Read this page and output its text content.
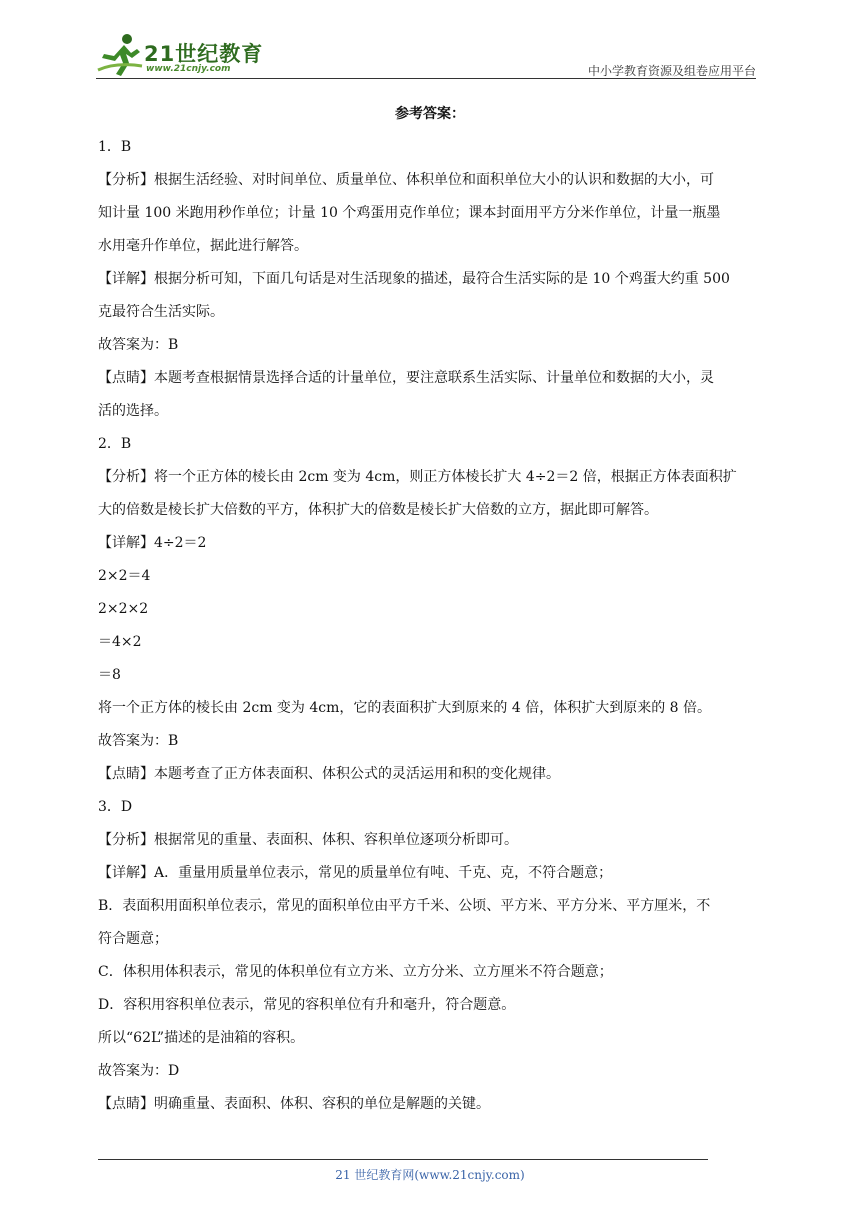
21世纪教育
www.21cnjy.com	中小学教育资源及组卷应用平台
参考答案：

1．B

【分析】根据生活经验、对时间单位、质量单位、体积单位和面积单位大小的认识和数据的大小，可

知计量 100 米跑用秒作单位；计量 10 个鸡蛋用克作单位；课本封面用平方分米作单位，计量一瓶墨

水用毫升作单位，据此进行解答。

【详解】根据分析可知，下面几句话是对生活现象的描述，最符合生活实际的是 10 个鸡蛋大约重 500

克最符合生活实际。

故答案为：B

【点睛】本题考查根据情景选择合适的计量单位，要注意联系生活实际、计量单位和数据的大小，灵

活的选择。

2．B

【分析】将一个正方体的棱长由 2cm 变为 4cm，则正方体棱长扩大 4÷2＝2 倍，根据正方体表面积扩

大的倍数是棱长扩大倍数的平方，体积扩大的倍数是棱长扩大倍数的立方，据此即可解答。

【详解】4÷2＝2

2×2＝4

2×2×2

＝4×2

＝8

将一个正方体的棱长由 2cm 变为 4cm，它的表面积扩大到原来的 4 倍，体积扩大到原来的 8 倍。

故答案为：B

【点睛】本题考查了正方体表面积、体积公式的灵活运用和积的变化规律。

3．D

【分析】根据常见的重量、表面积、体积、容积单位逐项分析即可。

【详解】A．重量用质量单位表示，常见的质量单位有吨、千克、克，不符合题意；

B．表面积用面积单位表示，常见的面积单位由平方千米、公顷、平方米、平方分米、平方厘米，不

符合题意；

C．体积用体积表示，常见的体积单位有立方米、立方分米、立方厘米不符合题意；

D．容积用容积单位表示，常见的容积单位有升和毫升，符合题意。

所以“62L”描述的是油箱的容积。

故答案为：D

【点睛】明确重量、表面积、体积、容积的单位是解题的关键。

21 世纪教育网(www.21cnjy.com)
